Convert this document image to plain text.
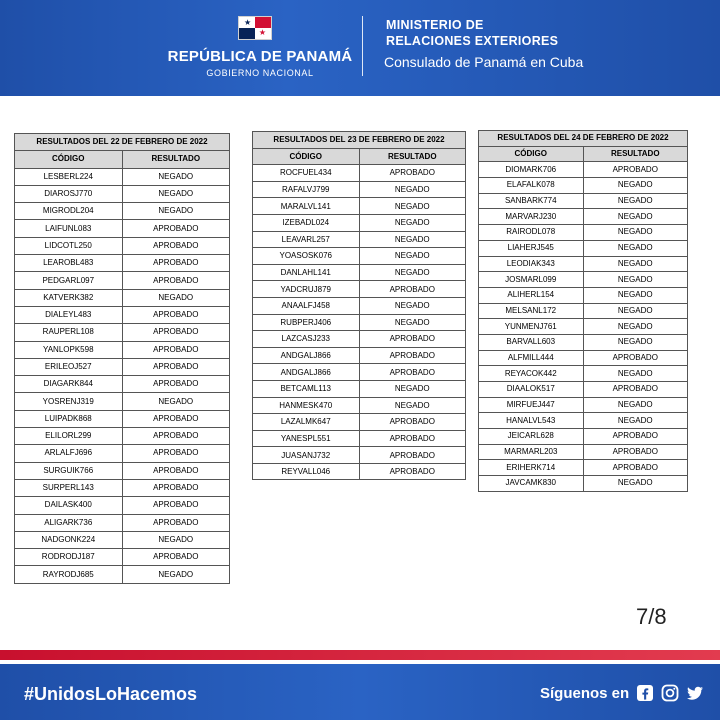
★
★
REPÚBLICA DE PANAMÁ
GOBIERNO NACIONAL
MINISTERIO DE
RELACIONES EXTERIORES
Consulado de Panamá en Cuba
RESULTADOS DEL 22 DE FEBRERO DE 2022	
CÓDIGO	RESULTADO
LESBERL224	NEGADO
DIAROSJ770	NEGADO
MIGRODL204	NEGADO
LAIFUNL083	APROBADO
LIDCOTL250	APROBADO
LEAROBL483	APROBADO
PEDGARL097	APROBADO
KATVERK382	NEGADO
DIALEYL483	APROBADO
RAUPERL108	APROBADO
YANLOPK598	APROBADO
ERILEOJ527	APROBADO
DIAGARK844	APROBADO
YOSRENJ319	NEGADO
LUIPADK868	APROBADO
ELILORL299	APROBADO
ARLALFJ696	APROBADO
SURGUIK766	APROBADO
SURPERL143	APROBADO
DAILASK400	APROBADO
ALIGARK736	APROBADO
NADGONK224	NEGADO
RODRODJ187	APROBADO
RAYRODJ685	NEGADO
RESULTADOS DEL 23 DE FEBRERO DE 2022	
CÓDIGO	RESULTADO
ROCFUEL434	APROBADO
RAFALVJ799	NEGADO
MARALVL141	NEGADO
IZEBADL024	NEGADO
LEAVARL257	NEGADO
YOASOSK076	NEGADO
DANLAHL141	NEGADO
YADCRUJ879	APROBADO
ANAALFJ458	NEGADO
RUBPERJ406	NEGADO
LAZCASJ233	APROBADO
ANDGALJ866	APROBADO
ANDGALJ866	APROBADO
BETCAML113	NEGADO
HANMESK470	NEGADO
LAZALMK647	APROBADO
YANESPL551	APROBADO
JUASANJ732	APROBADO
REYVALL046	APROBADO
RESULTADOS DEL 24 DE FEBRERO DE 2022	
CÓDIGO	RESULTADO
DIOMARK706	APROBADO
ELAFALK078	NEGADO
SANBARK774	NEGADO
MARVARJ230	NEGADO
RAIRODL078	NEGADO
LIAHERJ545	NEGADO
LEODIAK343	NEGADO
JOSMARL099	NEGADO
ALIHERL154	NEGADO
MELSANL172	NEGADO
YUNMENJ761	NEGADO
BARVALL603	NEGADO
ALFMILL444	APROBADO
REYACOK442	NEGADO
DIAALOK517	APROBADO
MIRFUEJ447	NEGADO
HANALVL543	NEGADO
JEICARL628	APROBADO
MARMARL203	APROBADO
ERIHERK714	APROBADO
JAVCAMK830	NEGADO
7/8
#UnidosLoHacemos	Síguenos en
